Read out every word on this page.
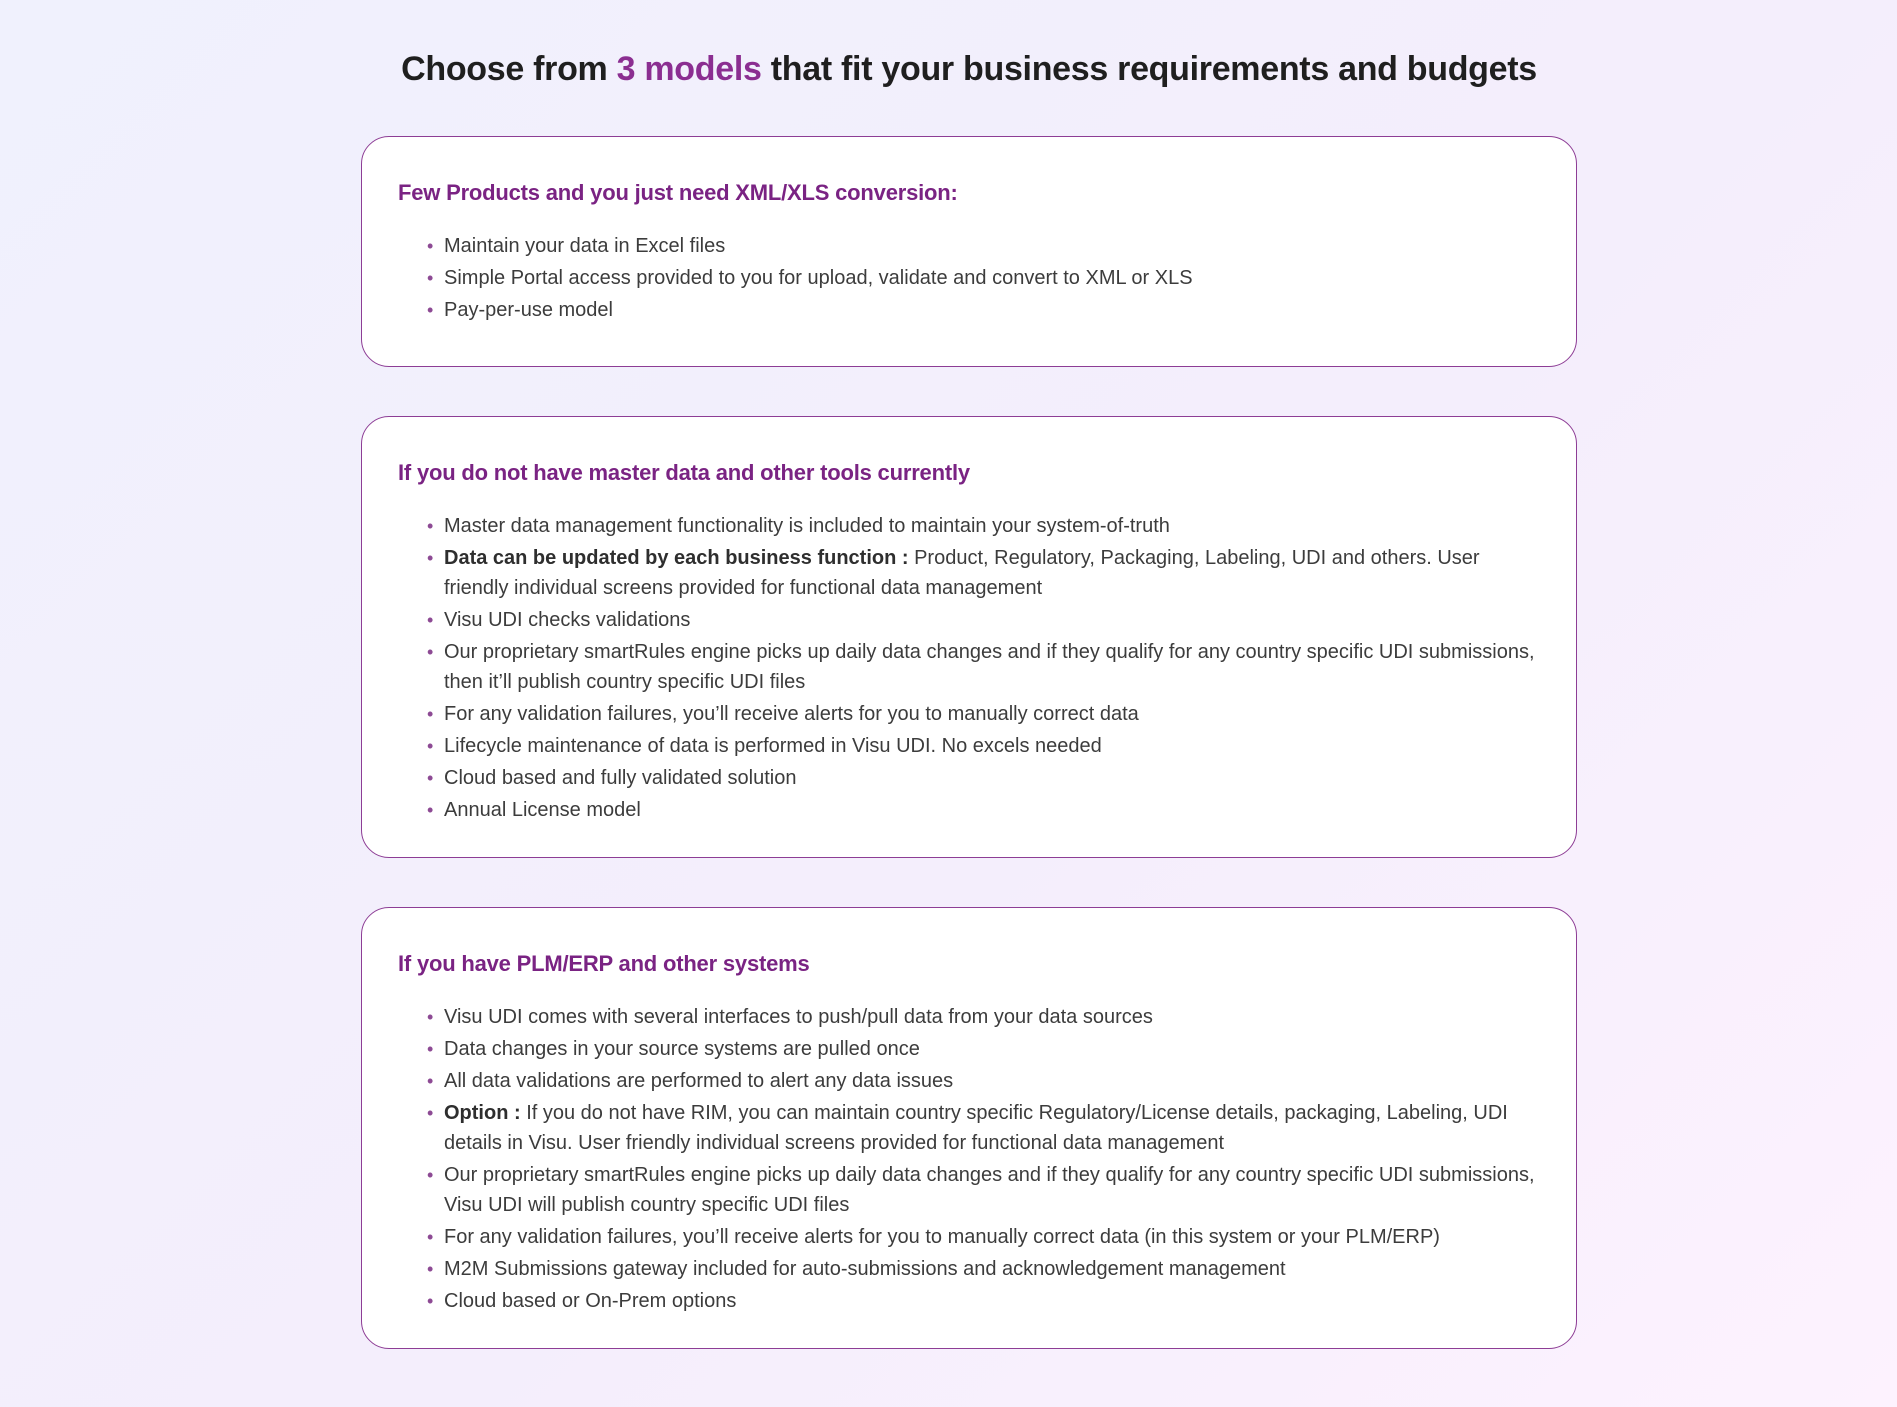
Choose from 3 models that fit your business requirements and budgets
Few Products and you just need XML/XLS conversion:
• Maintain your data in Excel files
• Simple Portal access provided to you for upload, validate and convert to XML or XLS
• Pay-per-use model
If you do not have master data and other tools currently
• Master data management functionality is included to maintain your system-of-truth
• Data can be updated by each business function : Product, Regulatory, Packaging, Labeling, UDI and others. User friendly individual screens provided for functional data management
• Visu UDI checks validations
• Our proprietary smartRules engine picks up daily data changes and if they qualify for any country specific UDI submissions, then it’ll publish country specific UDI files
• For any validation failures, you’ll receive alerts for you to manually correct data
• Lifecycle maintenance of data is performed in Visu UDI. No excels needed
• Cloud based and fully validated solution
• Annual License model
If you have PLM/ERP and other systems
• Visu UDI comes with several interfaces to push/pull data from your data sources
• Data changes in your source systems are pulled once
• All data validations are performed to alert any data issues
• Option : If you do not have RIM, you can maintain country specific Regulatory/License details, packaging, Labeling, UDI details in Visu. User friendly individual screens provided for functional data management
• Our proprietary smartRules engine picks up daily data changes and if they qualify for any country specific UDI submissions, Visu UDI will publish country specific UDI files
• For any validation failures, you’ll receive alerts for you to manually correct data (in this system or your PLM/ERP)
• M2M Submissions gateway included for auto-submissions and acknowledgement management
• Cloud based or On-Prem options
